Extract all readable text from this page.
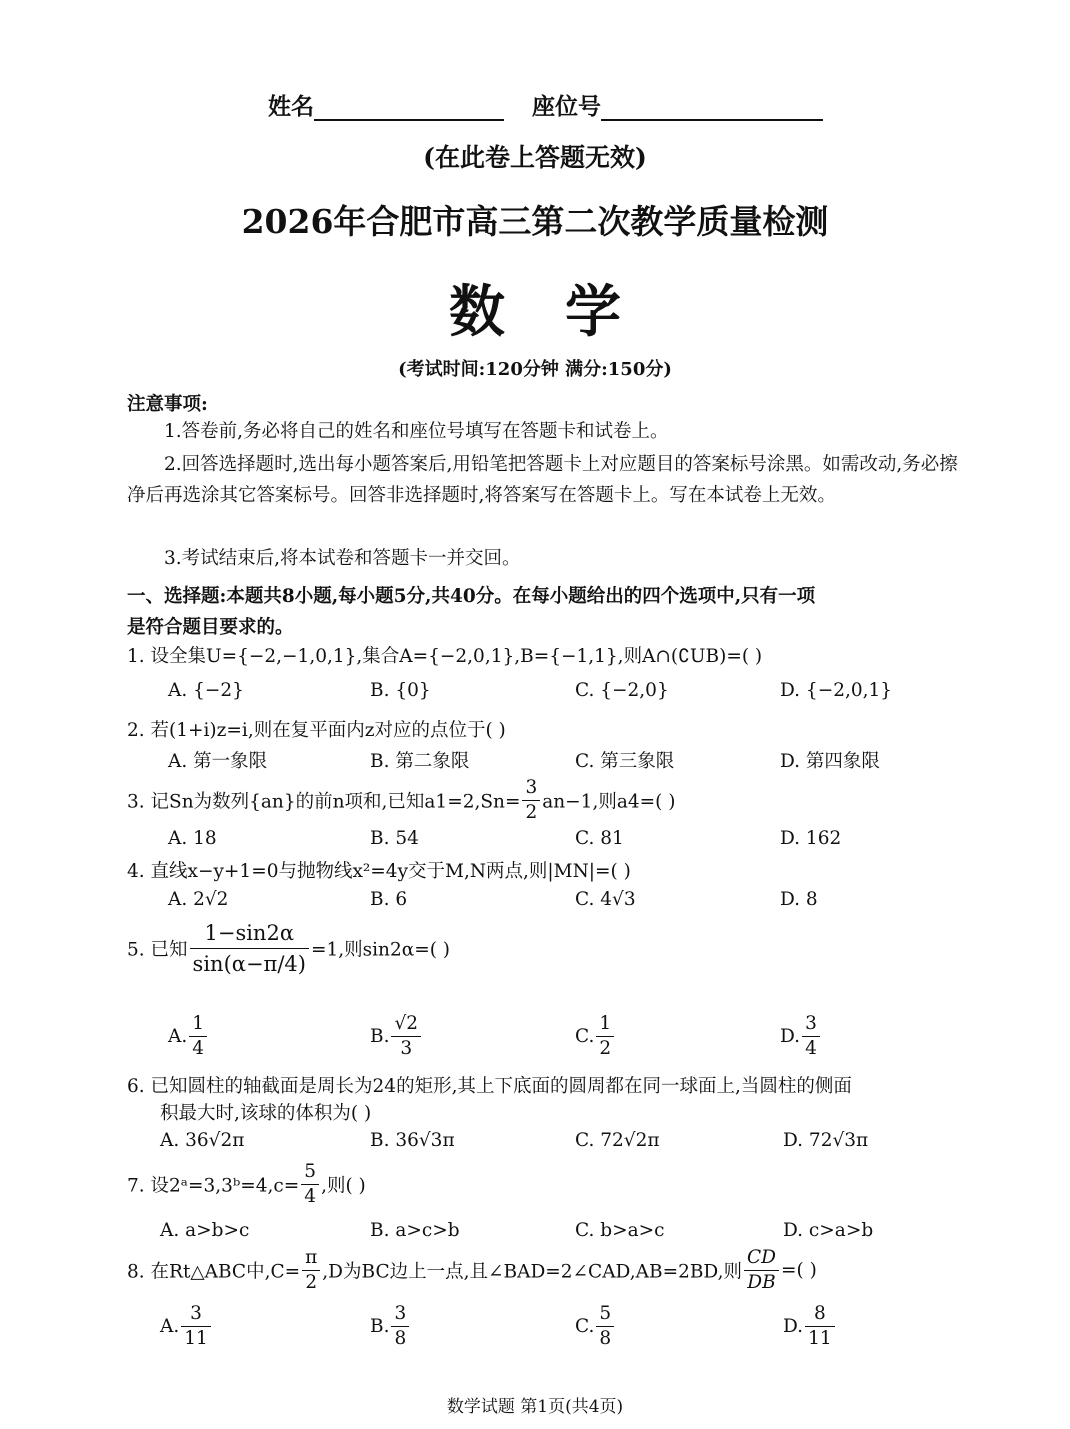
姓名	座位号
(在此卷上答题无效)
2026年合肥市高三第二次教学质量检测
数学
(考试时间:120分钟 满分:150分)
注意事项:
1.答卷前,务必将自己的姓名和座位号填写在答题卡和试卷上。
2.回答选择题时,选出每小题答案后,用铅笔把答题卡上对应题目的答案标号涂黑。如需改动,务必擦净后再选涂其它答案标号。回答非选择题时,将答案写在答题卡上。写在本试卷上无效。
3.考试结束后,将本试卷和答题卡一并交回。
一、选择题:本题共8小题,每小题5分,共40分。在每小题给出的四个选项中,只有一项
是符合题目要求的。
1. 设全集U={−2,−1,0,1},集合A={−2,0,1},B={−1,1},则A∩(∁UB)=( )
A. {−2}	B. {0}	C. {−2,0}	D. {−2,0,1}
2. 若(1+i)z=i,则在复平面内z对应的点位于( )
A. 第一象限	B. 第二象限	C. 第三象限	D. 第四象限
3. 记Sn为数列{an}的前n项和,已知$a1=2,Sn= \frac{3}{2} an-1$,则a4=( )
A. 18	B. 54	C. 81	D. 162
4. 直线x−y+1=0与抛物线x²=4y交于M,N两点,则|MN|=( )
A. 2√2	B. 6	C. 4√3	D. 8
5. 已知 $\frac{1-\sin 2\alpha}{\sin(\alpha-\pi/4)} =1$,则sin2α=( )
A. $\frac{1}{4}$	B. $\frac{√2}{3}$	C. $\frac{1}{2}$	D. $\frac{3}{4}$
6. 已知圆柱的轴截面是周长为24的矩形,其上下底面的圆周都在同一球面上,当圆柱的侧面
积最大时,该球的体积为( )
A. 36√2π	B. 36√3π	C. 72√2π	D. 72√3π
7. 设2ᵃ=3,3ᵇ=4,c= $\frac{5}{4}$ ,则( )
A. a>b>c	B. a>c>b	C. b>a>c	D. c>a>b
8. 在Rt△ABC中$,C= \frac{\pi}{2} ,D$为BC边上一点,且∠BAD=2∠CAD,AB=2BD,则 $\frac{CD}{DB}$ =( )
A. $\frac{3}{11}$	B. $\frac{3}{8}$	C. $\frac{5}{8}$	D. $\frac{8}{11}$
数学试题 第1页(共4页)
